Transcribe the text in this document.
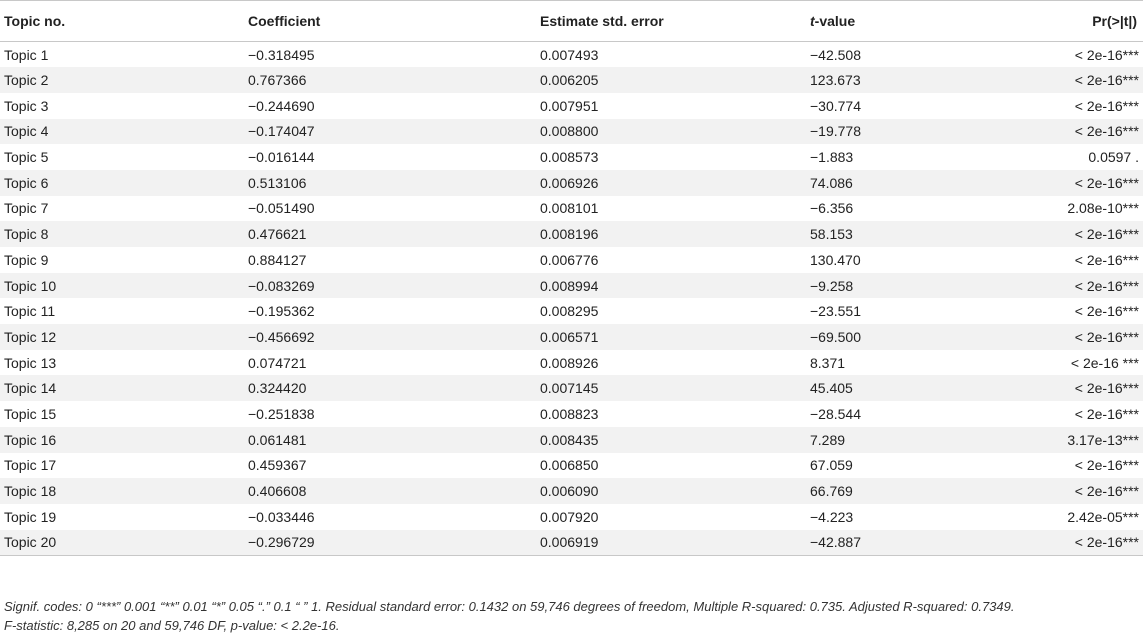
Topic no.	Coefficient	Estimate std. error	t-value	Pr(>|t|)
Topic 1	−0.318495	0.007493	−42.508	< 2e-16***
Topic 2	0.767366	0.006205	123.673	< 2e-16***
Topic 3	−0.244690	0.007951	−30.774	< 2e-16***
Topic 4	−0.174047	0.008800	−19.778	< 2e-16***
Topic 5	−0.016144	0.008573	−1.883	0.0597 .
Topic 6	0.513106	0.006926	74.086	< 2e-16***
Topic 7	−0.051490	0.008101	−6.356	2.08e-10***
Topic 8	0.476621	0.008196	58.153	< 2e-16***
Topic 9	0.884127	0.006776	130.470	< 2e-16***
Topic 10	−0.083269	0.008994	−9.258	< 2e-16***
Topic 11	−0.195362	0.008295	−23.551	< 2e-16***
Topic 12	−0.456692	0.006571	−69.500	< 2e-16***
Topic 13	0.074721	0.008926	8.371	< 2e-16 ***
Topic 14	0.324420	0.007145	45.405	< 2e-16***
Topic 15	−0.251838	0.008823	−28.544	< 2e-16***
Topic 16	0.061481	0.008435	7.289	3.17e-13***
Topic 17	0.459367	0.006850	67.059	< 2e-16***
Topic 18	0.406608	0.006090	66.769	< 2e-16***
Topic 19	−0.033446	0.007920	−4.223	2.42e-05***
Topic 20	−0.296729	0.006919	−42.887	< 2e-16***
Signif. codes: 0 “***” 0.001 “**” 0.01 “*” 0.05 “.” 0.1 “ ” 1. Residual standard error: 0.1432 on 59,746 degrees of freedom, Multiple R-squared: 0.735. Adjusted R-squared: 0.7349.
F-statistic: 8,285 on 20 and 59,746 DF, p-value: < 2.2e-16.
